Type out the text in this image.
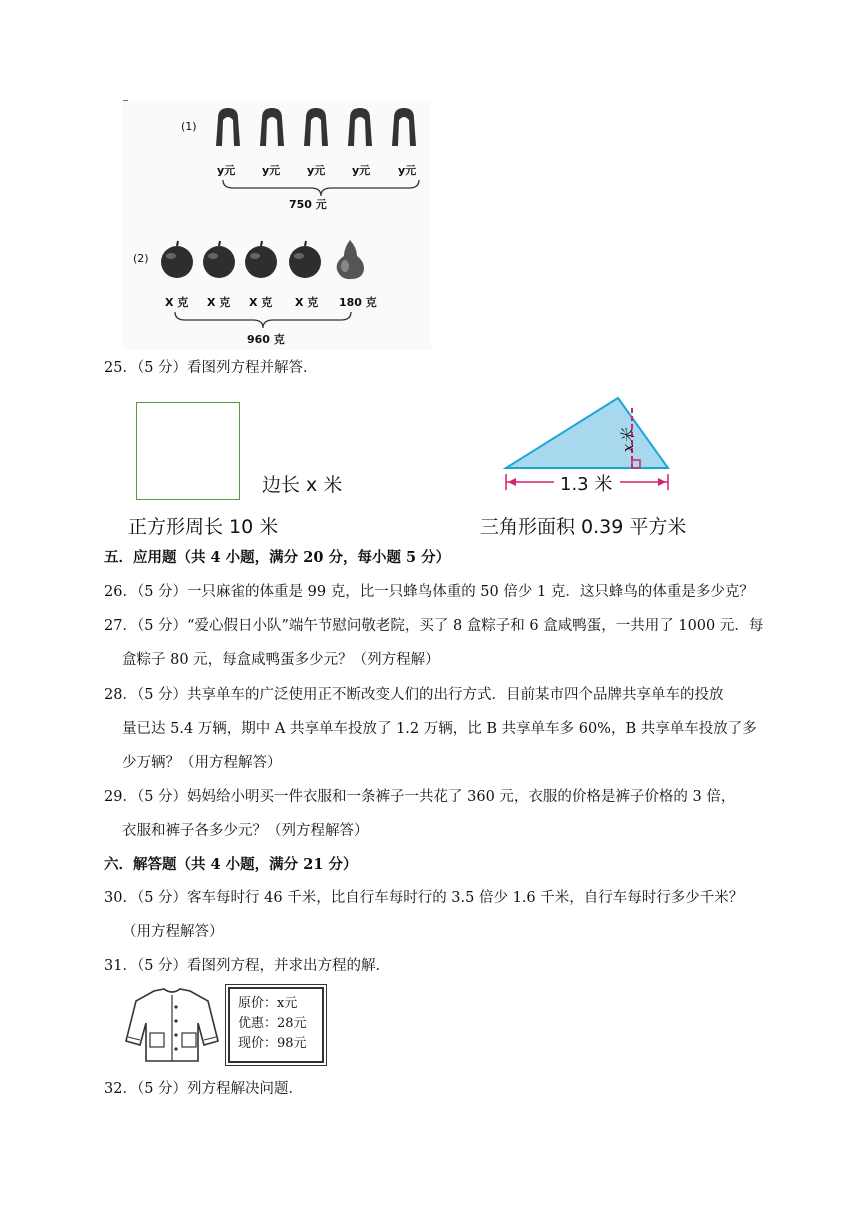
(1)
y元 y元 y元 y元	y元
750 元
(2)
X 克 X 克 X 克 X 克 180 克
960 克
25．（5 分）看图列方程并解答．
边长 x 米
正方形周长 10 米
x米
1.3 米
三角形面积 0.39 平方米
五．应用题（共 4 小题，满分 20 分，每小题 5 分）
26．（5 分）一只麻雀的体重是 99 克，比一只蜂鸟体重的 50 倍少 1 克．这只蜂鸟的体重是多少克？
27．（5 分）“爱心假日小队”端午节慰问敬老院，买了 8 盒粽子和 6 盒咸鸭蛋，一共用了 1000 元．每
盒粽子 80 元，每盒咸鸭蛋多少元？（列方程解）
28．（5 分）共享单车的广泛使用正不断改变人们的出行方式．目前某市四个品牌共享单车的投放
量已达 5.4 万辆，期中 A 共享单车投放了 1.2 万辆，比 B 共享单车多 60%，B 共享单车投放了多
少万辆？（用方程解答）
29．（5 分）妈妈给小明买一件衣服和一条裤子一共花了 360 元，衣服的价格是裤子价格的 3 倍，
衣服和裤子各多少元？（列方程解答）
六．解答题（共 4 小题，满分 21 分）
30．（5 分）客车每时行 46 千米，比自行车每时行的 3.5 倍少 1.6 千米，自行车每时行多少千米？
（用方程解答）
31．（5 分）看图列方程，并求出方程的解．
原价：x元
优惠：28元
现价：98元
32．（5 分）列方程解决问题．
